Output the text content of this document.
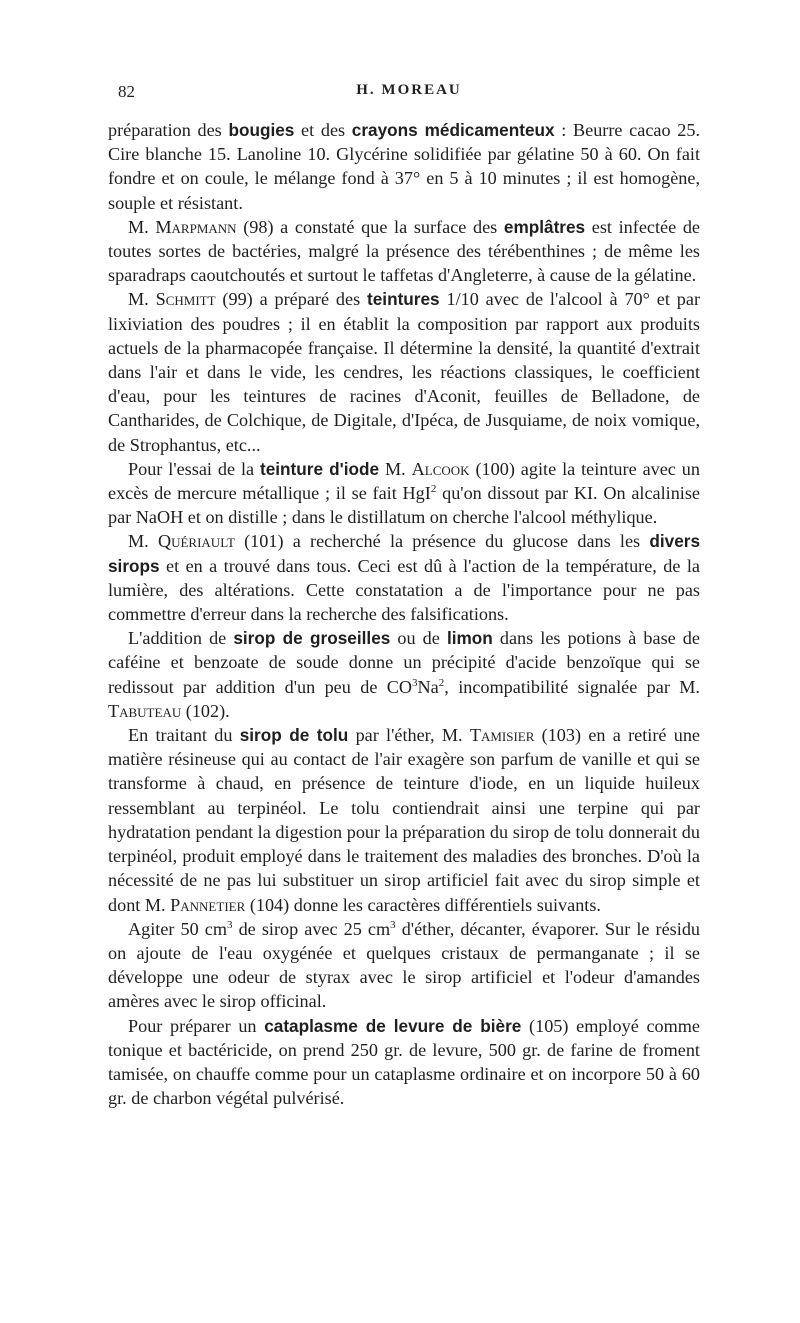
82	H. MOREAU

préparation des bougies et des crayons médicamenteux : Beurre cacao 25. Cire blanche 15. Lanoline 10. Glycérine solidifiée par gélatine 50 à 60. On fait fondre et on coule, le mélange fond à 37° en 5 à 10 minutes ; il est homogène, souple et résistant.

M. Marpmann (98) a constaté que la surface des emplâtres est infectée de toutes sortes de bactéries, malgré la présence des térébenthines ; de même les sparadraps caoutchoutés et surtout le taffetas d'Angleterre, à cause de la gélatine.

M. Schmitt (99) a préparé des teintures 1/10 avec de l'alcool à 70° et par lixiviation des poudres ; il en établit la composition par rapport aux produits actuels de la pharmacopée française. Il détermine la densité, la quantité d'extrait dans l'air et dans le vide, les cendres, les réactions classiques, le coefficient d'eau, pour les teintures de racines d'Aconit, feuilles de Belladone, de Cantharides, de Colchique, de Digitale, d'Ipéca, de Jusquiame, de noix vomique, de Strophantus, etc...

Pour l'essai de la teinture d'iode M. Alcook (100) agite la teinture avec un excès de mercure métallique ; il se fait HgI$^2$ qu'on dissout par KI. On alcalinise par NaOH et on distille ; dans le distillatum on cherche l'alcool méthylique.

M. Quériault (101) a recherché la présence du glucose dans les divers sirops et en a trouvé dans tous. Ceci est dû à l'action de la température, de la lumière, des altérations. Cette constatation a de l'importance pour ne pas commettre d'erreur dans la recherche des falsifications.

L'addition de sirop de groseilles ou de limon dans les potions à base de caféine et benzoate de soude donne un précipité d'acide benzoïque qui se redissout par addition d'un peu de $CO^3Na^2$, incompatibilité signalée par M. Tabuteau (102).

En traitant du sirop de tolu par l'éther, M. Tamisier (103) en a retiré une matière résineuse qui au contact de l'air exagère son parfum de vanille et qui se transforme à chaud, en présence de teinture d'iode, en un liquide huileux ressemblant au terpinéol. Le tolu contiendrait ainsi une terpine qui par hydratation pendant la digestion pour la préparation du sirop de tolu donnerait du terpinéol, produit employé dans le traitement des maladies des bronches. D'où la nécessité de ne pas lui substituer un sirop artificiel fait avec du sirop simple et dont M. Pannetier (104) donne les caractères différentiels suivants.

Agiter 50 $cm^3$ de sirop avec 25 $cm^3$ d'éther, décanter, évaporer. Sur le résidu on ajoute de l'eau oxygénée et quelques cristaux de permanganate ; il se développe une odeur de styrax avec le sirop artificiel et l'odeur d'amandes amères avec le sirop officinal.

Pour préparer un cataplasme de levure de bière (105) employé comme tonique et bactéricide, on prend 250 gr. de levure, 500 gr. de farine de froment tamisée, on chauffe comme pour un cataplasme ordinaire et on incorpore 50 à 60 gr. de charbon végétal pulvérisé.
